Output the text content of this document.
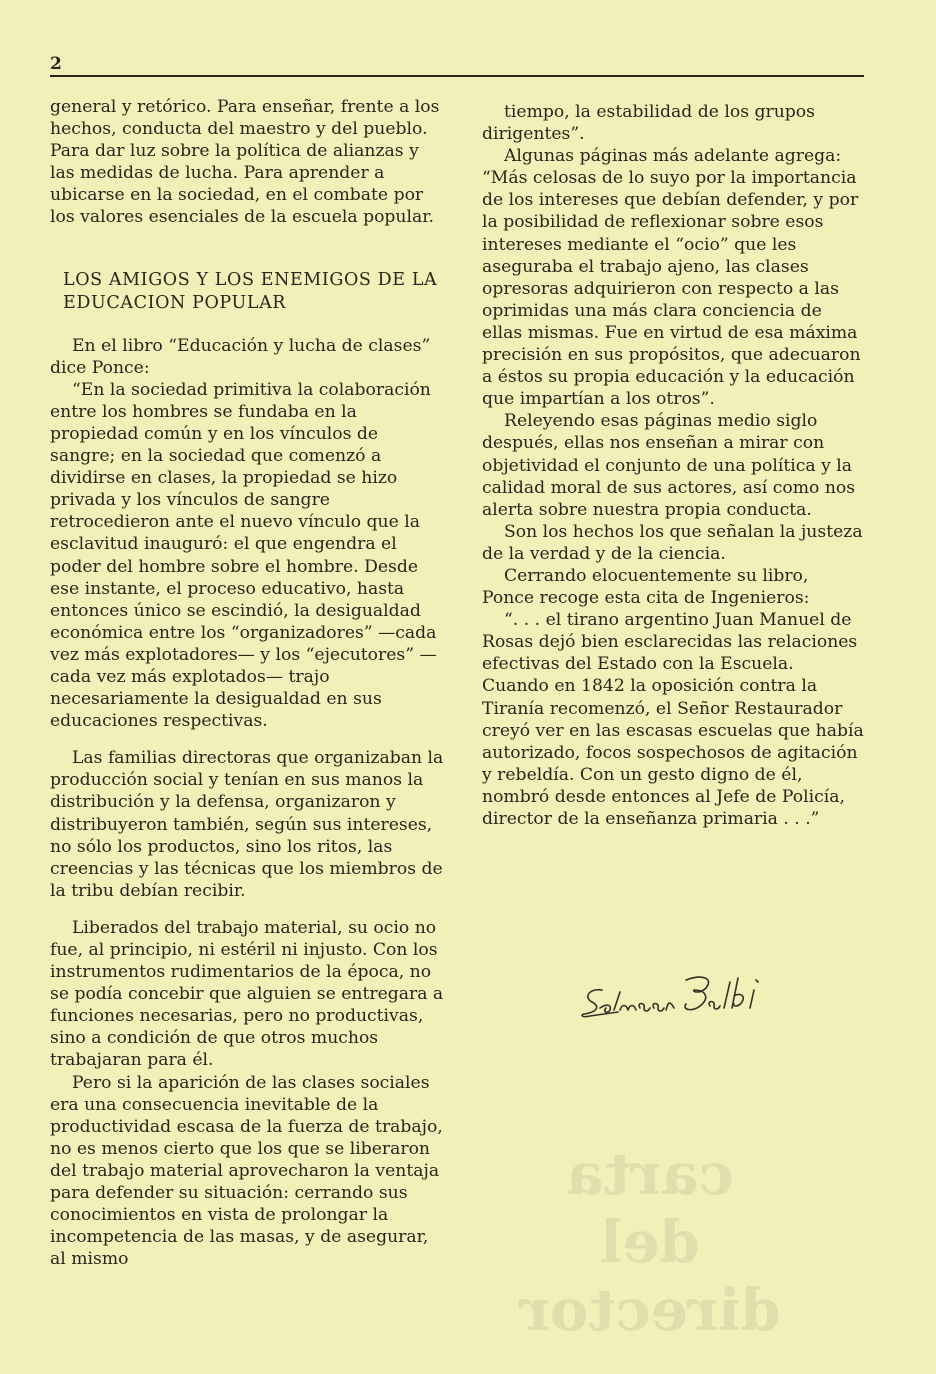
2

general y retórico. Para enseñar, frente a los hechos, conducta del maestro y del pueblo. Para dar luz sobre la política de alianzas y las medidas de lucha. Para aprender a ubicarse en la sociedad, en el combate por los valores esenciales de la escuela popular.

LOS AMIGOS Y LOS ENEMIGOS DE LA EDUCACION POPULAR

En el libro “Educación y lucha de clases” dice Ponce:

“En la sociedad primitiva la colaboración entre los hombres se fundaba en la propiedad común y en los vínculos de sangre; en la sociedad que comenzó a dividirse en clases, la propiedad se hizo privada y los vínculos de sangre retrocedieron ante el nuevo vínculo que la esclavitud inauguró: el que engendra el poder del hombre sobre el hombre. Desde ese instante, el proceso educativo, hasta entonces único se escindió, la desigualdad económica entre los “organizadores” —cada vez más explotadores— y los “ejecutores” —cada vez más explotados— trajo necesariamente la desigualdad en sus educaciones respectivas.

Las familias directoras que organizaban la producción social y tenían en sus manos la distribución y la defensa, organizaron y distribuyeron también, según sus intereses, no sólo los productos, sino los ritos, las creencias y las técnicas que los miembros de la tribu debían recibir.

Liberados del trabajo material, su ocio no fue, al principio, ni estéril ni injusto. Con los instrumentos rudimentarios de la época, no se podía concebir que alguien se entregara a funciones necesarias, pero no productivas, sino a condición de que otros muchos trabajaran para él.

Pero si la aparición de las clases sociales era una consecuencia inevitable de la productividad escasa de la fuerza de trabajo, no es menos cierto que los que se liberaron del trabajo material aprovecharon la ventaja para defender su situación: cerrando sus conocimientos en vista de prolongar la incompetencia de las masas, y de asegurar, al mismo

tiempo, la estabilidad de los grupos dirigentes”.

Algunas páginas más adelante agrega:

“Más celosas de lo suyo por la importancia de los intereses que debían defender, y por la posibilidad de reflexionar sobre esos intereses mediante el “ocio” que les aseguraba el trabajo ajeno, las clases opresoras adquirieron con respecto a las oprimidas una más clara conciencia de ellas mismas. Fue en virtud de esa máxima precisión en sus propósitos, que adecuaron a éstos su propia educación y la educación que impartían a los otros”.

Releyendo esas páginas medio siglo después, ellas nos enseñan a mirar con objetividad el conjunto de una política y la calidad moral de sus actores, así como nos alerta sobre nuestra propia conducta.

Son los hechos los que señalan la justeza de la verdad y de la ciencia.

Cerrando elocuentemente su libro, Ponce recoge esta cita de Ingenieros:

“. . . el tirano argentino Juan Manuel de Rosas dejó bien esclarecidas las relaciones efectivas del Estado con la Escuela. Cuando en 1842 la oposición contra la Tiranía recomenzó, el Señor Restaurador creyó ver en las escasas escuelas que había autorizado, focos sospechosos de agitación y rebeldía. Con un gesto digno de él, nombró desde entonces al Jefe de Policía, director de la enseñanza primaria . . .”

carta
del
director
